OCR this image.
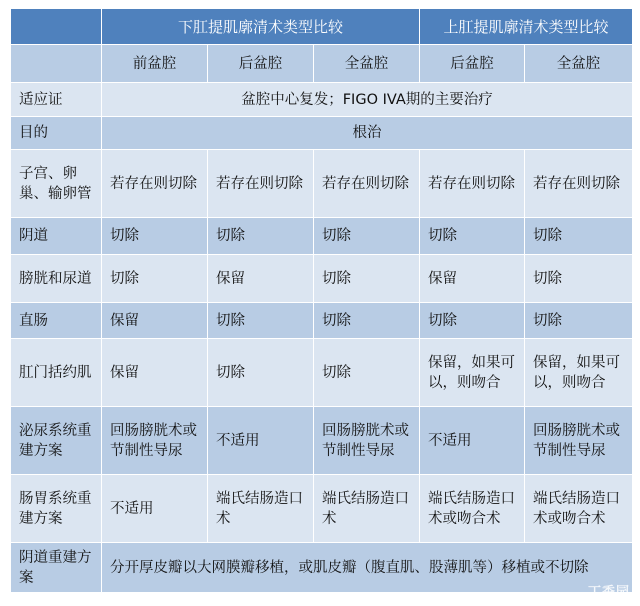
	下肛提肌廓清术类型比较			上肛提肌廓清术类型比较	
	前盆腔	后盆腔	全盆腔	后盆腔	全盆腔
适应证	盆腔中心复发；FIGO IVA期的主要治疗				
目的	根治				
子宫、卵巢、输卵管	若存在则切除	若存在则切除	若存在则切除	若存在则切除	若存在则切除
阴道	切除	切除	切除	切除	切除
膀胱和尿道	切除	保留	切除	保留	切除
直肠	保留	切除	切除	切除	切除
肛门括约肌	保留	切除	切除	保留，如果可以，则吻合	保留，如果可以，则吻合
泌尿系统重建方案	回肠膀胱术或节制性导尿	不适用	回肠膀胱术或节制性导尿	不适用	回肠膀胱术或节制性导尿
肠胃系统重建方案	不适用	端氏结肠造口术	端氏结肠造口术	端氏结肠造口术或吻合术	端氏结肠造口术或吻合术
阴道重建方案	分开厚皮瓣以大网膜瓣移植，或肌皮瓣（腹直肌、股薄肌等）移植或不切除				
丁香园
